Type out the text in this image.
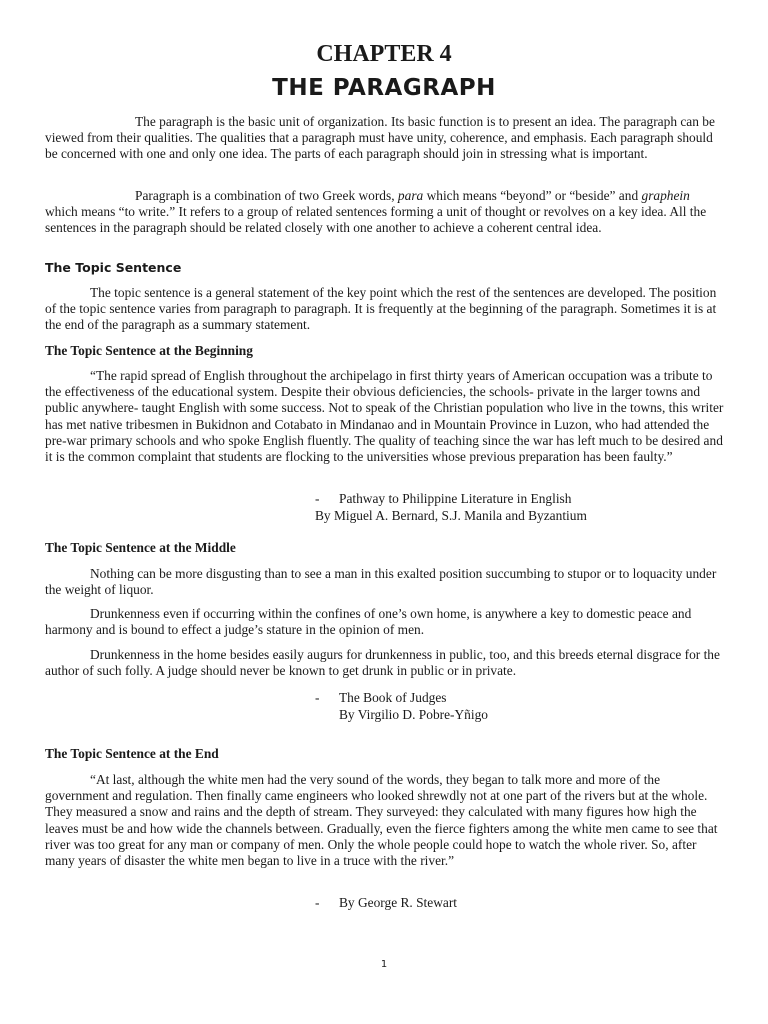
CHAPTER 4
THE PARAGRAPH

The paragraph is the basic unit of organization. Its basic function is to present an idea. The paragraph can be viewed from their qualities. The qualities that a paragraph must have unity, coherence, and emphasis. Each paragraph should be concerned with one and only one idea. The parts of each paragraph should join in stressing what is important.

Paragraph is a combination of two Greek words, para which means “beyond” or “beside” and graphein which means “to write.” It refers to a group of related sentences forming a unit of thought or revolves on a key idea. All the sentences in the paragraph should be related closely with one another to achieve a coherent central idea.

The Topic Sentence

The topic sentence is a general statement of the key point which the rest of the sentences are developed. The position of the topic sentence varies from paragraph to paragraph. It is frequently at the beginning of the paragraph. Sometimes it is at the end of the paragraph as a summary statement.

The Topic Sentence at the Beginning

“The rapid spread of English throughout the archipelago in first thirty years of American occupation was a tribute to the effectiveness of the educational system. Despite their obvious deficiencies, the schools- private in the larger towns and public anywhere- taught English with some success. Not to speak of the Christian population who live in the towns, this writer has met native tribesmen in Bukidnon and Cotabato in Mindanao and in Mountain Province in Luzon, who had attended the pre-war primary schools and who spoke English fluently. The quality of teaching since the war has left much to be desired and it is the common complaint that students are flocking to the universities whose previous preparation has been faulty.”

- Pathway to Philippine Literature in English
By Miguel A. Bernard, S.J. Manila and Byzantium
The Topic Sentence at the Middle

Nothing can be more disgusting than to see a man in this exalted position succumbing to stupor or to loquacity under the weight of liquor.

Drunkenness even if occurring within the confines of one’s own home, is anywhere a key to domestic peace and harmony and is bound to effect a judge’s stature in the opinion of men.

Drunkenness in the home besides easily augurs for drunkenness in public, too, and this breeds eternal disgrace for the author of such folly. A judge should never be known to get drunk in public or in private.

- The Book of Judges
By Virgilio D. Pobre-Yñigo
The Topic Sentence at the End

“At last, although the white men had the very sound of the words, they began to talk more and more of the government and regulation. Then finally came engineers who looked shrewdly not at one part of the rivers but at the whole. They measured a snow and rains and the depth of stream. They surveyed: they calculated with many figures how high the leaves must be and how wide the channels between. Gradually, even the fierce fighters among the white men came to see that river was too great for any man or company of men. Only the whole people could hope to watch the whole river. So, after many years of disaster the white men began to live in a truce with the river.”

- By George R. Stewart
1
